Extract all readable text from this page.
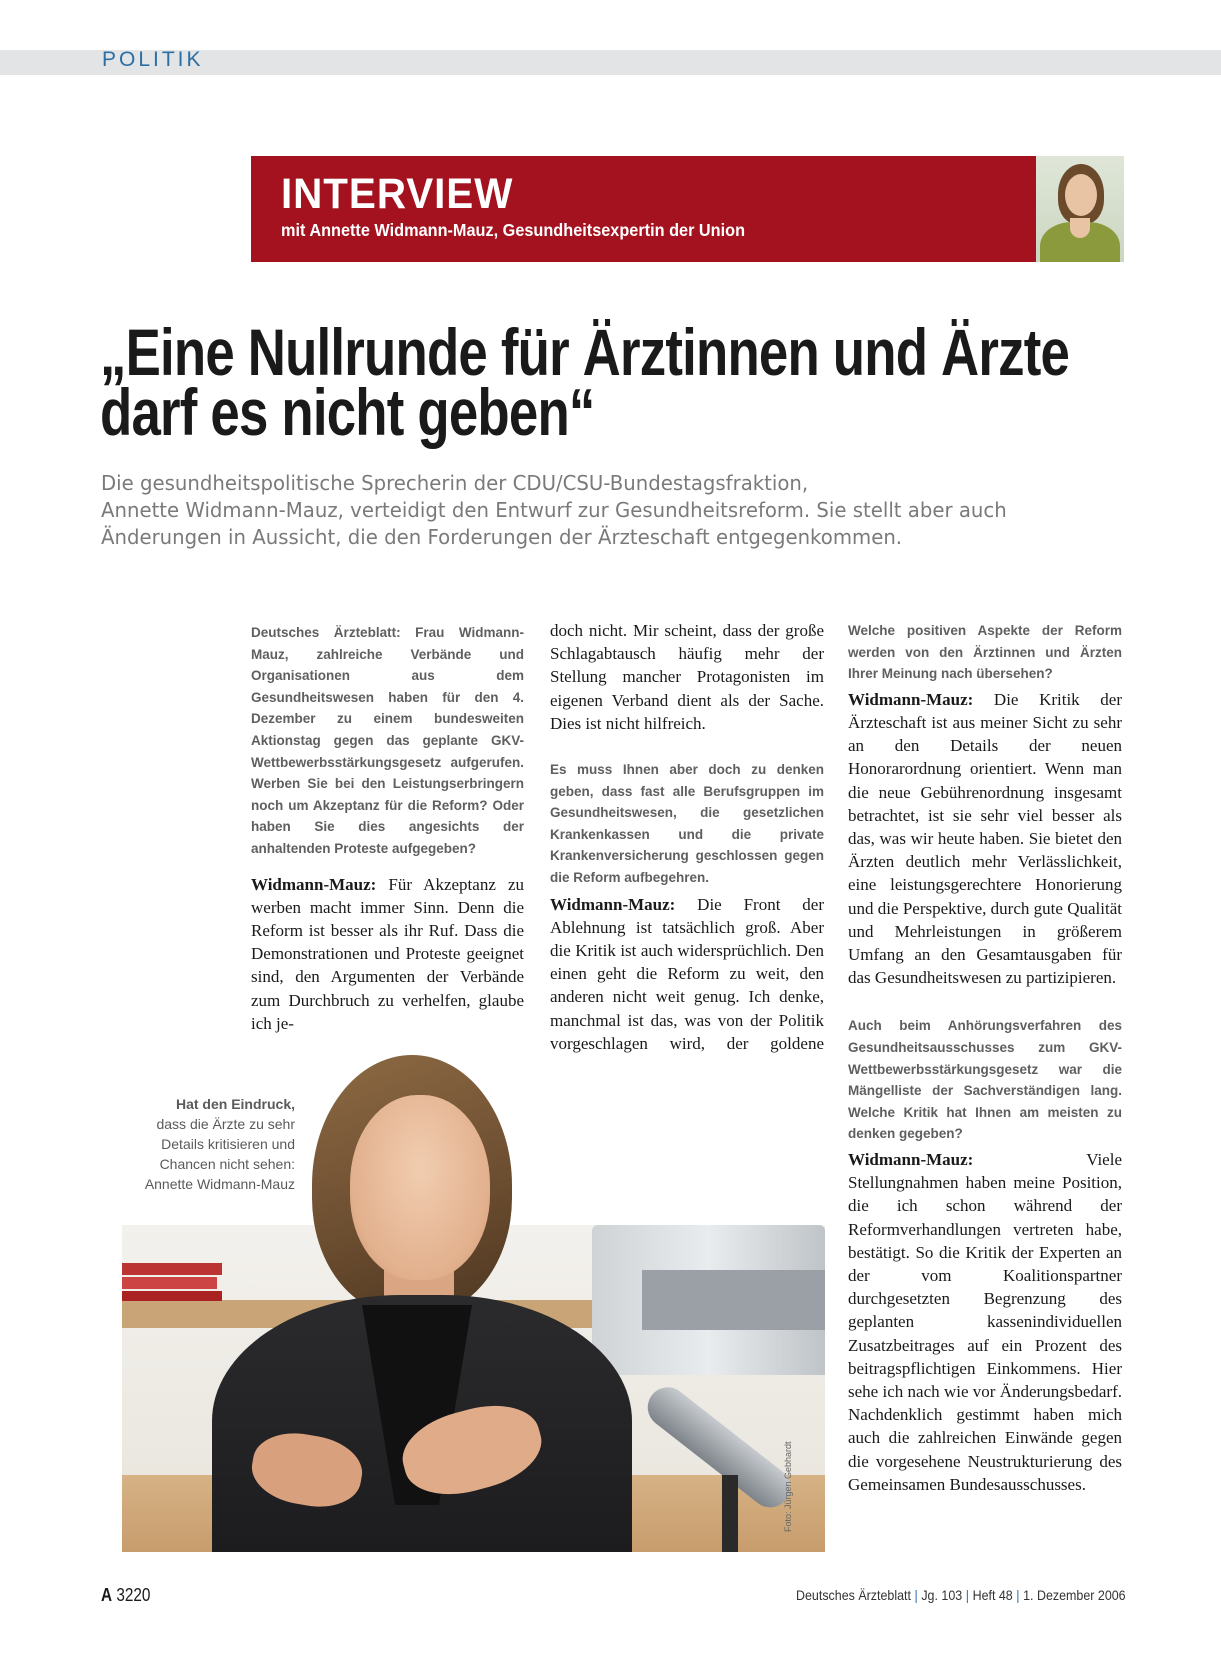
POLITIK
INTERVIEW
mit Annette Widmann-Mauz, Gesundheitsexpertin der Union
„Eine Nullrunde für Ärztinnen und Ärzte
darf es nicht geben“
Die gesundheitspolitische Sprecherin der CDU/CSU-Bundestagsfraktion,
Annette Widmann-Mauz, verteidigt den Entwurf zur Gesundheitsreform. Sie stellt aber auch
Änderungen in Aussicht, die den Forderungen der Ärzteschaft entgegenkommen.

Deutsches Ärzteblatt: Frau Widmann-Mauz, zahlreiche Verbände und Organisationen aus dem Gesundheitswesen haben für den 4. Dezember zu einem bundesweiten Aktionstag gegen das geplante GKV-Wettbewerbsstärkungsgesetz aufgerufen. Werben Sie bei den Leistungserbringern noch um Akzeptanz für die Reform? Oder haben Sie dies angesichts der anhaltenden Proteste aufgegeben?

Widmann-Mauz: Für Akzeptanz zu werben macht immer Sinn. Denn die Reform ist besser als ihr Ruf. Dass die Demonstrationen und Proteste geeignet sind, den Argumenten der Verbände zum Durchbruch zu verhelfen, glaube ich je-

doch nicht. Mir scheint, dass der große Schlagabtausch häufig mehr der Stellung mancher Protagonisten im eigenen Verband dient als der Sache. Dies ist nicht hilfreich.

Es muss Ihnen aber doch zu denken geben, dass fast alle Berufsgruppen im Gesundheitswesen, die gesetzlichen Krankenkassen und die private Krankenversicherung geschlossen gegen die Reform aufbegehren.

Widmann-Mauz: Die Front der Ablehnung ist tatsächlich groß. Aber die Kritik ist auch widersprüchlich. Den einen geht die Reform zu weit, den anderen nicht weit genug. Ich denke, manchmal ist das, was von der Politik vorgeschlagen wird, der goldene

Welche positiven Aspekte der Reform werden von den Ärztinnen und Ärzten Ihrer Meinung nach übersehen?

Widmann-Mauz: Die Kritik der Ärzteschaft ist aus meiner Sicht zu sehr an den Details der neuen Honorarordnung orientiert. Wenn man die neue Gebührenordnung insgesamt betrachtet, ist sie sehr viel besser als das, was wir heute haben. Sie bietet den Ärzten deutlich mehr Verlässlichkeit, eine leistungsgerechtere Honorierung und die Perspektive, durch gute Qualität und Mehrleistungen in größerem Umfang an den Gesamtausgaben für das Gesundheitswesen zu partizipieren.

Auch beim Anhörungsverfahren des Gesundheitsausschusses zum GKV-Wettbewerbsstärkungsgesetz war die Mängelliste der Sachverständigen lang. Welche Kritik hat Ihnen am meisten zu denken gegeben?

Widmann-Mauz: Viele Stellungnahmen haben meine Position, die ich schon während der Reformverhandlungen vertreten habe, bestätigt. So die Kritik der Experten an der vom Koalitionspartner durchgesetzten Begrenzung des geplanten kassenindividuellen Zusatzbeitrages auf ein Prozent des beitragspflichtigen Einkommens. Hier sehe ich nach wie vor Änderungsbedarf. Nachdenklich gestimmt haben mich auch die zahlreichen Einwände gegen die vorgesehene Neustrukturierung des Gemeinsamen Bundesausschusses.

Hat den Eindruck,
dass die Ärzte zu sehr Details kritisieren und Chancen nicht sehen: Annette Widmann-Mauz
Foto: Jürgen Gebhardt
A 3220	Deutsches Ärzteblatt | Jg. 103 | Heft 48 | 1. Dezember 2006
